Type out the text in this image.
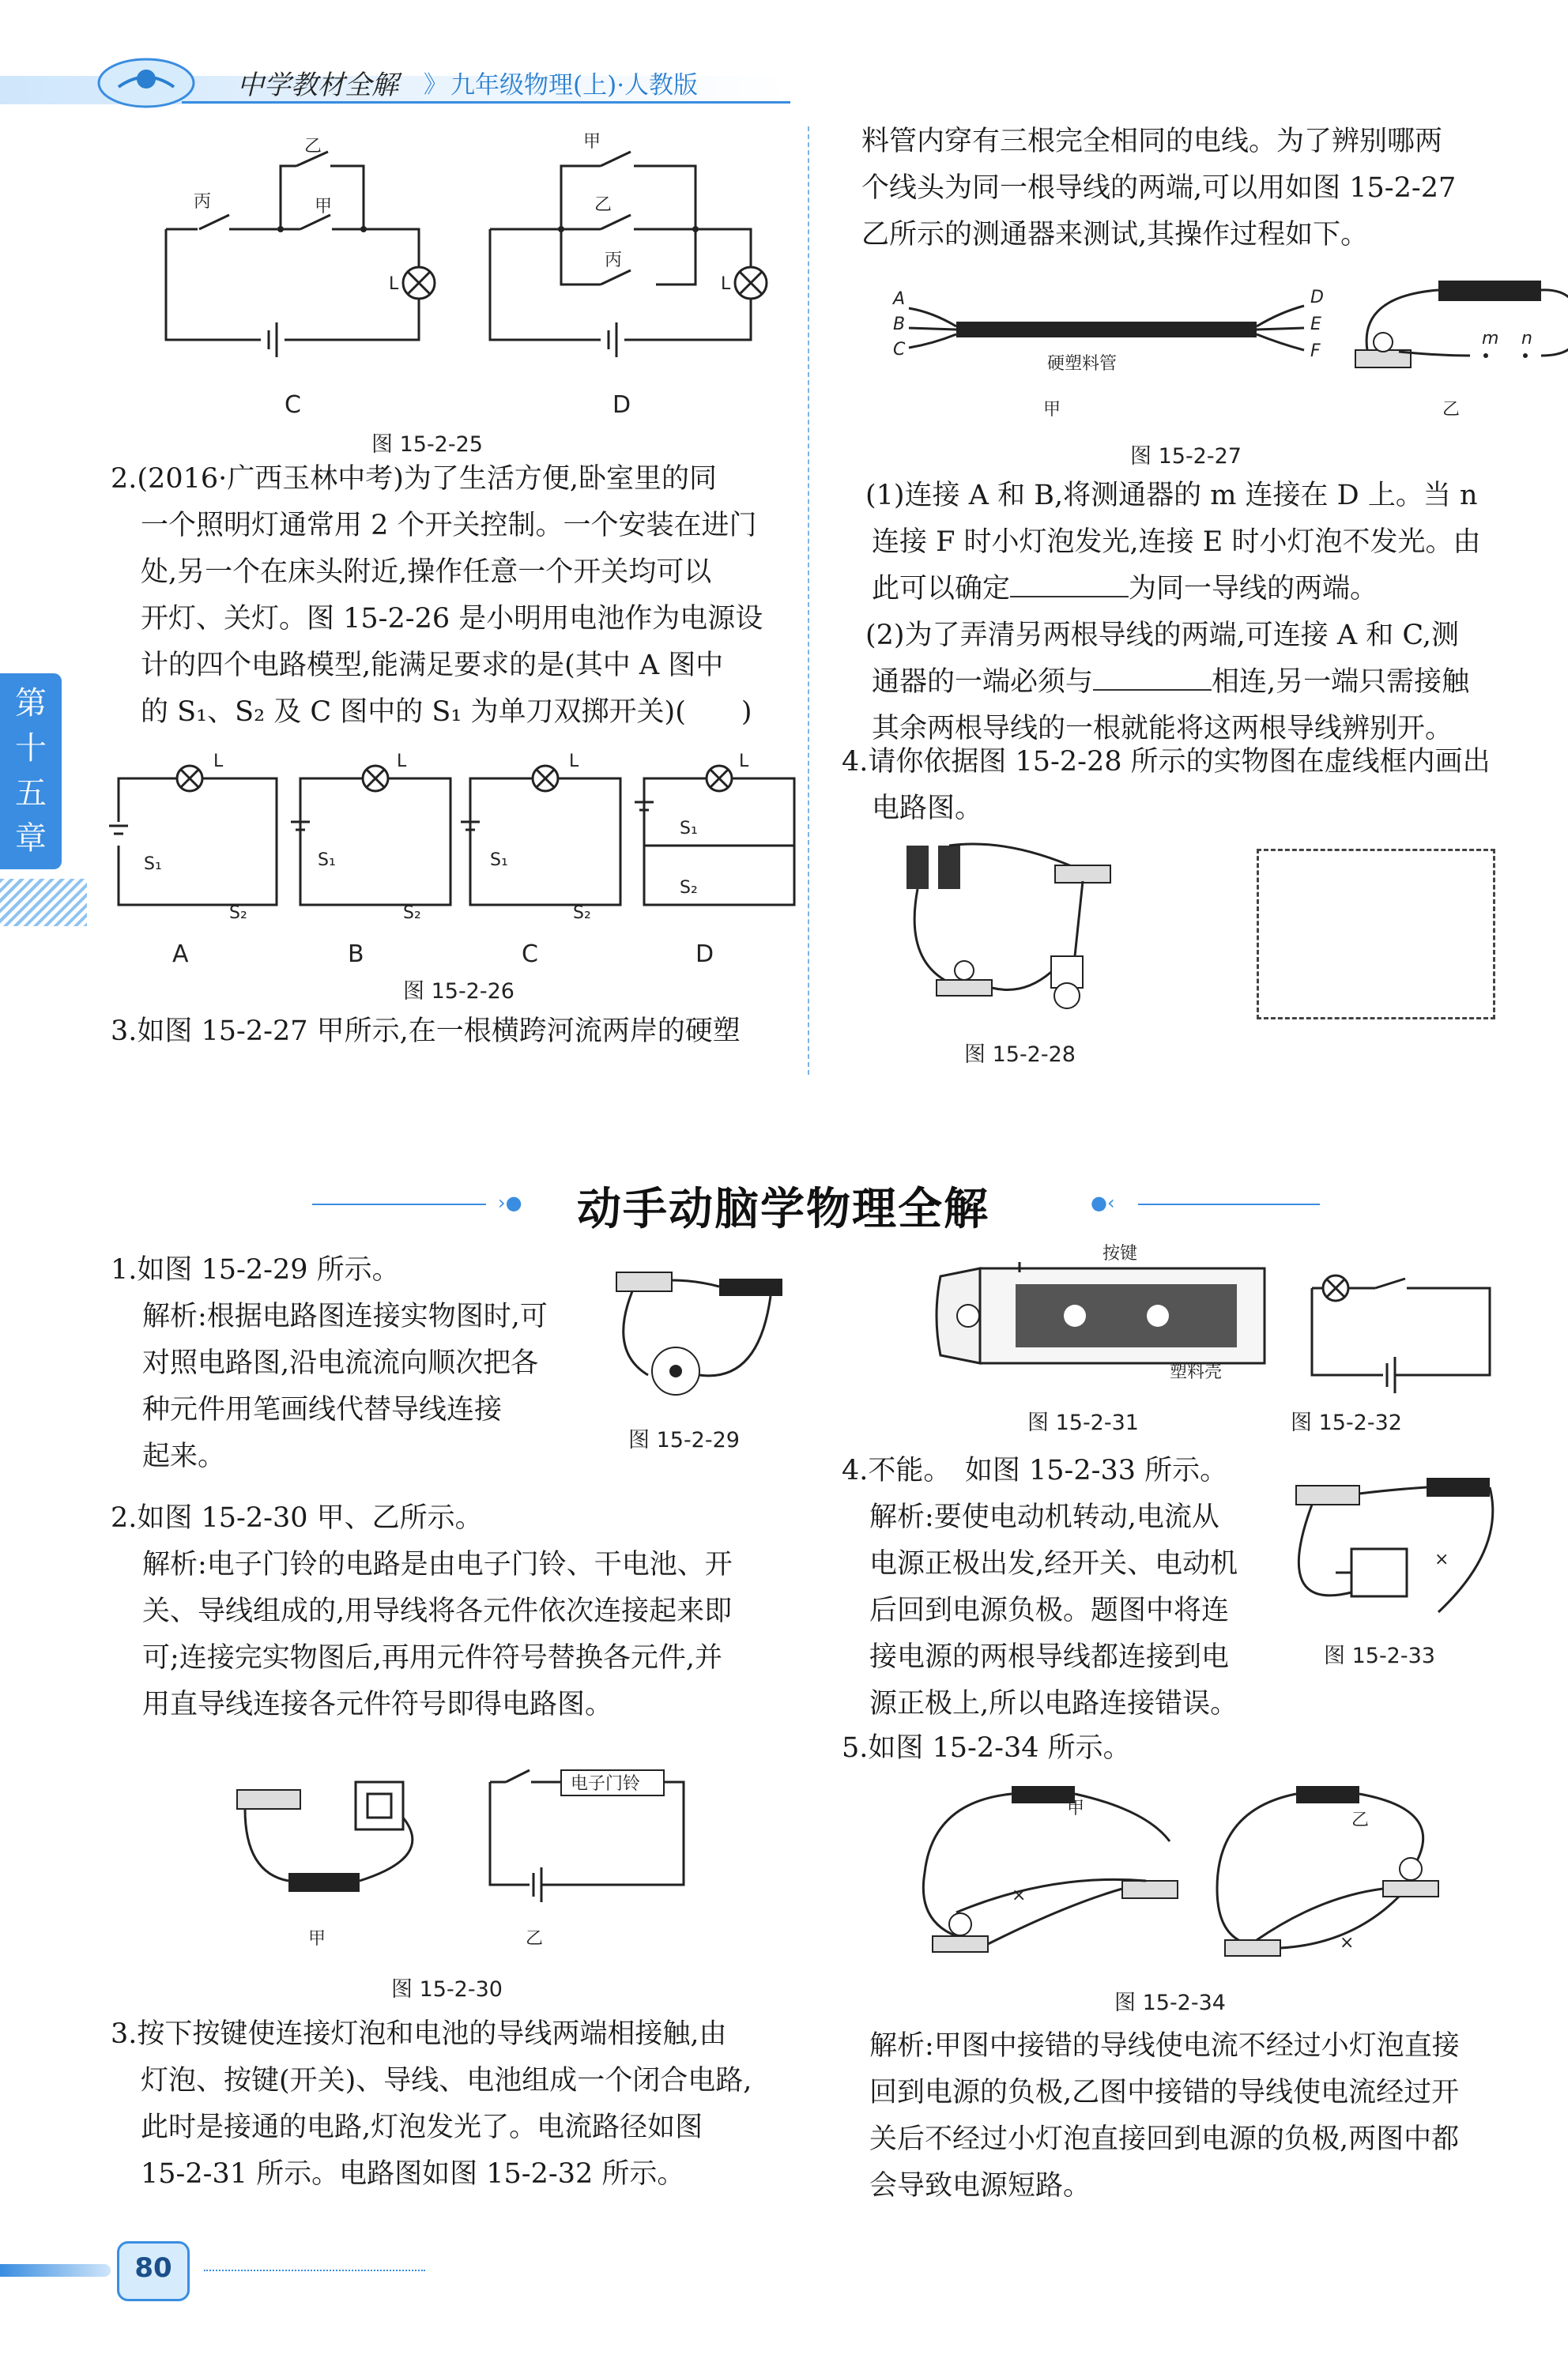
中学教材全解 》 九年级物理(上)·人教版
第
十
五
章
乙
丙	甲
L
甲
乙
丙
L
C	D
图 15-2-25
2.(2016·广西玉林中考)为了生活方便,卧室里的同
一个照明灯通常用 2 个开关控制。一个安装在进门
处,另一个在床头附近,操作任意一个开关均可以
开灯、关灯。图 15-2-26 是小明用电池作为电源设
计的四个电路模型,能满足要求的是(其中 A 图中
的 S₁、S₂ 及 C 图中的 S₁ 为单刀双掷开关)(　　)
L
S₁
S₂
L
S₁
S₂
L
S₁
S₂
L
S₁
S₂
A	B	C	D
图 15-2-26
3.如图 15-2-27 甲所示,在一根横跨河流两岸的硬塑
料管内穿有三根完全相同的电线。为了辨别哪两
个线头为同一根导线的两端,可以用如图 15-2-27
乙所示的测通器来测试,其操作过程如下。
A
B
C
D
E
F
硬塑料管
甲
m n
乙
图 15-2-27
(1)连接 A 和 B,将测通器的 m 连接在 D 上。当 n
连接 F 时小灯泡发光,连接 E 时小灯泡不发光。由
此可以确定	为同一导线的两端。
(2)为了弄清另两根导线的两端,可连接 A 和 C,测
通器的一端必须与	相连,另一端只需接触
其余两根导线的一根就能将这两根导线辨别开。
4.请你依据图 15-2-28 所示的实物图在虚线框内画出
电路图。
图 15-2-28
›● 动手动脑学物理全解	●‹
1.如图 15-2-29 所示。
解析:根据电路图连接实物图时,可
对照电路图,沿电流流向顺次把各
种元件用笔画线代替导线连接
起来。
图 15-2-29
2.如图 15-2-30 甲、乙所示。
解析:电子门铃的电路是由电子门铃、干电池、开
关、导线组成的,用导线将各元件依次连接起来即
可;连接完实物图后,再用元件符号替换各元件,并
用直导线连接各元件符号即得电路图。
甲
电子门铃
乙
图 15-2-30
3.按下按键使连接灯泡和电池的导线两端相接触,由
灯泡、按键(开关)、导线、电池组成一个闭合电路,
此时是接通的电路,灯泡发光了。电流路径如图
15-2-31 所示。电路图如图 15-2-32 所示。
按键
塑料壳
图 15-2-31	图 15-2-32
4.不能。　如图 15-2-33 所示。
解析:要使电动机转动,电流从
电源正极出发,经开关、电动机
后回到电源负极。题图中将连
接电源的两根导线都连接到电
源正极上,所以电路连接错误。
×
图 15-2-33
5.如图 15-2-34 所示。
×
甲
×
乙
图 15-2-34
解析:甲图中接错的导线使电流不经过小灯泡直接
回到电源的负极,乙图中接错的导线使电流经过开
关后不经过小灯泡直接回到电源的负极,两图中都
会导致电源短路。
80
